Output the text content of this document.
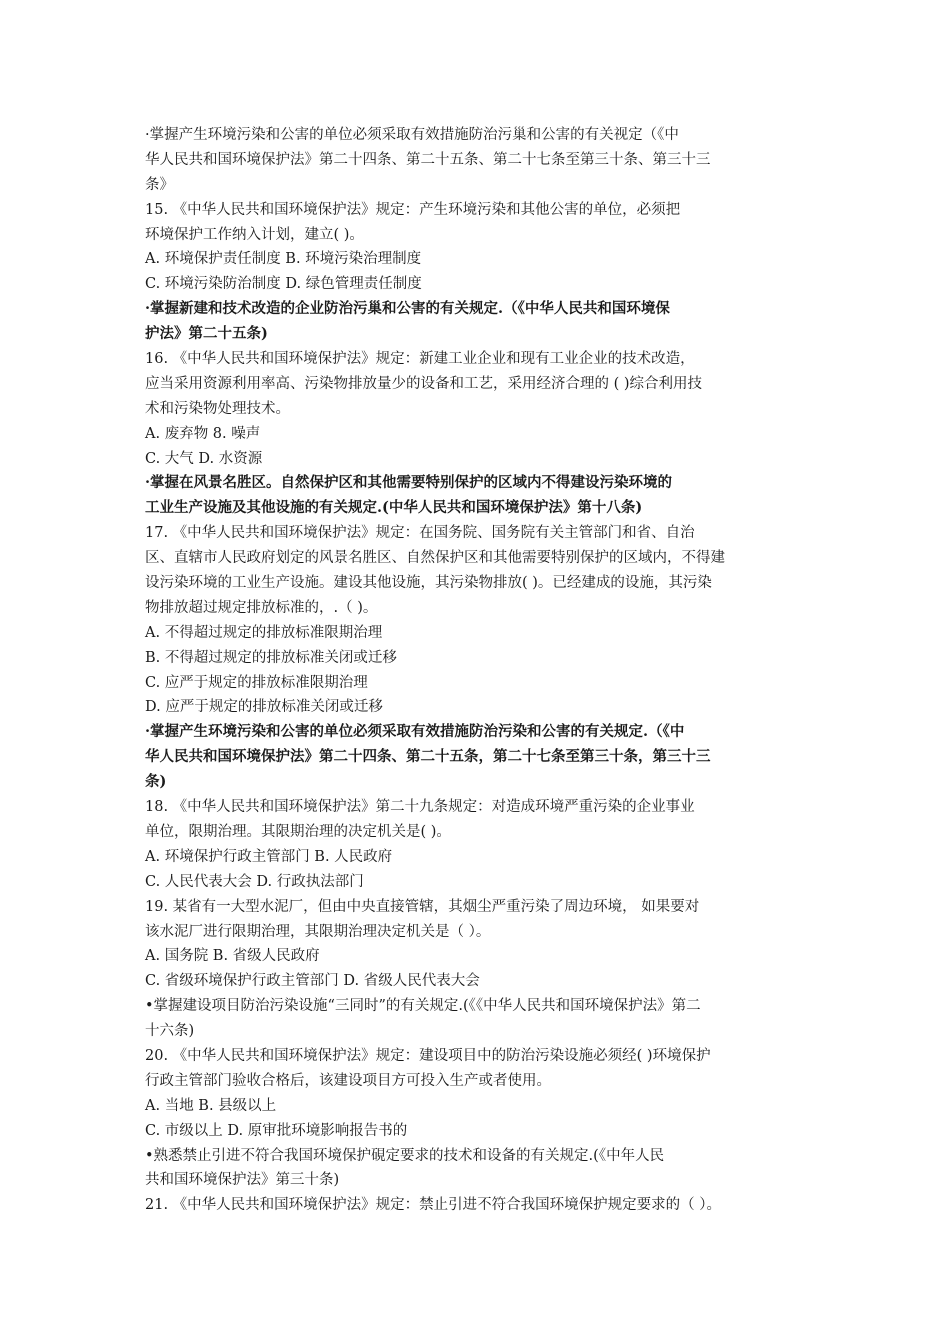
·掌握产生环境污染和公害的单位必须采取有效措施防治污巢和公害的有关视定（《中
华人民共和国环境保护法》第二十四条、第二十五条、第二十七条至第三十条、第三十三
条》
15. 《中华人民共和国环境保护法》规定：产生环境污染和其他公害的单位，必须把
环境保护工作纳入计划，建立( )。
A. 环境保护责任制度 B. 环境污染治理制度
C. 环境污染防治制度 D. 绿色管理责任制度
·掌握新建和技术改造的企业防治污巢和公害的有关规定.（《中华人民共和国环境保
护法》第二十五条)
16. 《中华人民共和国环境保护法》规定：新建工业企业和现有工业企业的技术改造，
应当采用资源利用率高、污染物排放量少的设备和工艺，采用经济合理的 ( )综合利用技
术和污染物处理技术。
A. 废弃物 8. 噪声
C. 大气 D. 水资源
·掌握在风景名胜区。自然保护区和其他需要特别保护的区域内不得建设污染环境的
工业生产设施及其他设施的有关规定.(中华人民共和国环境保护法》第十八条)
17. 《中华人民共和国环境保护法》规定：在国务院、国务院有关主管部门和省、自治
区、直辖市人民政府划定的风景名胜区、自然保护区和其他需要特别保护的区域内，不得建
设污染环境的工业生产设施。建设其他设施，其污染物排放( )。已经建成的设施，其污染
物排放超过规定排放标准的，.（ )。
A. 不得超过规定的排放标准限期治理
B. 不得超过规定的排放标准关闭或迁移
C. 应严于规定的排放标准限期治理
D. 应严于规定的排放标准关闭或迁移
·掌握产生环境污染和公害的单位必须采取有效措施防治污染和公害的有关规定.（《中
华人民共和国环境保护法》第二十四条、第二十五条，第二十七条至第三十条，第三十三
条)
18. 《中华人民共和国环境保护法》第二十九条规定：对造成环境严重污染的企业事业
单位，限期治理。其限期治理的决定机关是( )。
A. 环境保护行政主管部门 B. 人民政府
C. 人民代表大会 D. 行政执法部门
19. 某省有一大型水泥厂，但由中央直接管辖，其烟尘严重污染了周边环境， 如果要对
该水泥厂进行限期治理，其限期治理决定机关是（ ）。
A. 国务院 B. 省级人民政府
C. 省级环境保护行政主管部门 D. 省级人民代表大会
•掌握建设项目防治污染设施“三同时”的有关规定.(《《中华人民共和国环境保护法》第二
十六条)
20. 《中华人民共和国环境保护法》规定：建设项目中的防治污染设施必须经( )环境保护
行政主管部门验收合格后，该建设项目方可投入生产或者使用。
A. 当地 B. 县级以上
C. 市级以上 D. 原审批环境影响报告书的
•熟悉禁止引进不符合我国环境保护硯定要求的技术和设备的有关规定.(《中年人民
共和国环境保护法》第三十条)
21. 《中华人民共和国环境保护法》规定：禁止引进不符合我国环境保护规定要求的（ ）。
